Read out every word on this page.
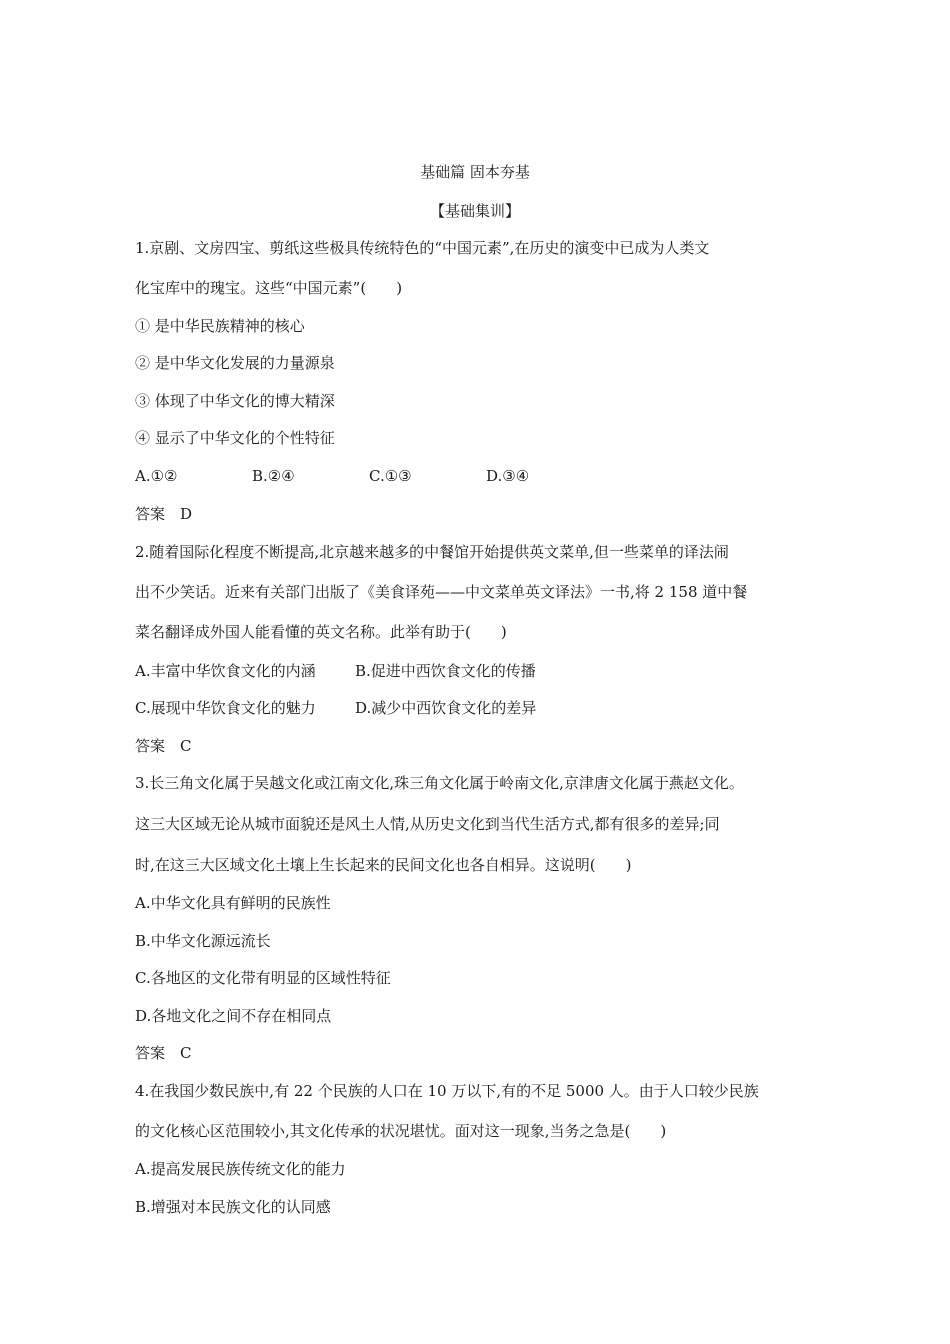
基础篇 固本夯基
【基础集训】
1.京剧、文房四宝、剪纸这些极具传统特色的“中国元素”,在历史的演变中已成为人类文
化宝库中的瑰宝。这些“中国元素”(　　)
① 是中华民族精神的核心
② 是中华文化发展的力量源泉
③ 体现了中华文化的博大精深
④ 显示了中华文化的个性特征
A.①②	B.②④	C.①③	D.③④
答案　D
2.随着国际化程度不断提高,北京越来越多的中餐馆开始提供英文菜单,但一些菜单的译法闹
出不少笑话。近来有关部门出版了《美食译苑——中文菜单英文译法》一书,将 2 158 道中餐
菜名翻译成外国人能看懂的英文名称。此举有助于(　　)
A.丰富中华饮食文化的内涵	B.促进中西饮食文化的传播
C.展现中华饮食文化的魅力	D.减少中西饮食文化的差异
答案　C
3.长三角文化属于吴越文化或江南文化,珠三角文化属于岭南文化,京津唐文化属于燕赵文化。
这三大区域无论从城市面貌还是风土人情,从历史文化到当代生活方式,都有很多的差异;同
时,在这三大区域文化土壤上生长起来的民间文化也各自相异。这说明(　　)
A.中华文化具有鲜明的民族性
B.中华文化源远流长
C.各地区的文化带有明显的区域性特征
D.各地文化之间不存在相同点
答案　C
4.在我国少数民族中,有 22 个民族的人口在 10 万以下,有的不足 5000 人。由于人口较少民族
的文化核心区范围较小,其文化传承的状况堪忧。面对这一现象,当务之急是(　　)
A.提高发展民族传统文化的能力
B.增强对本民族文化的认同感
